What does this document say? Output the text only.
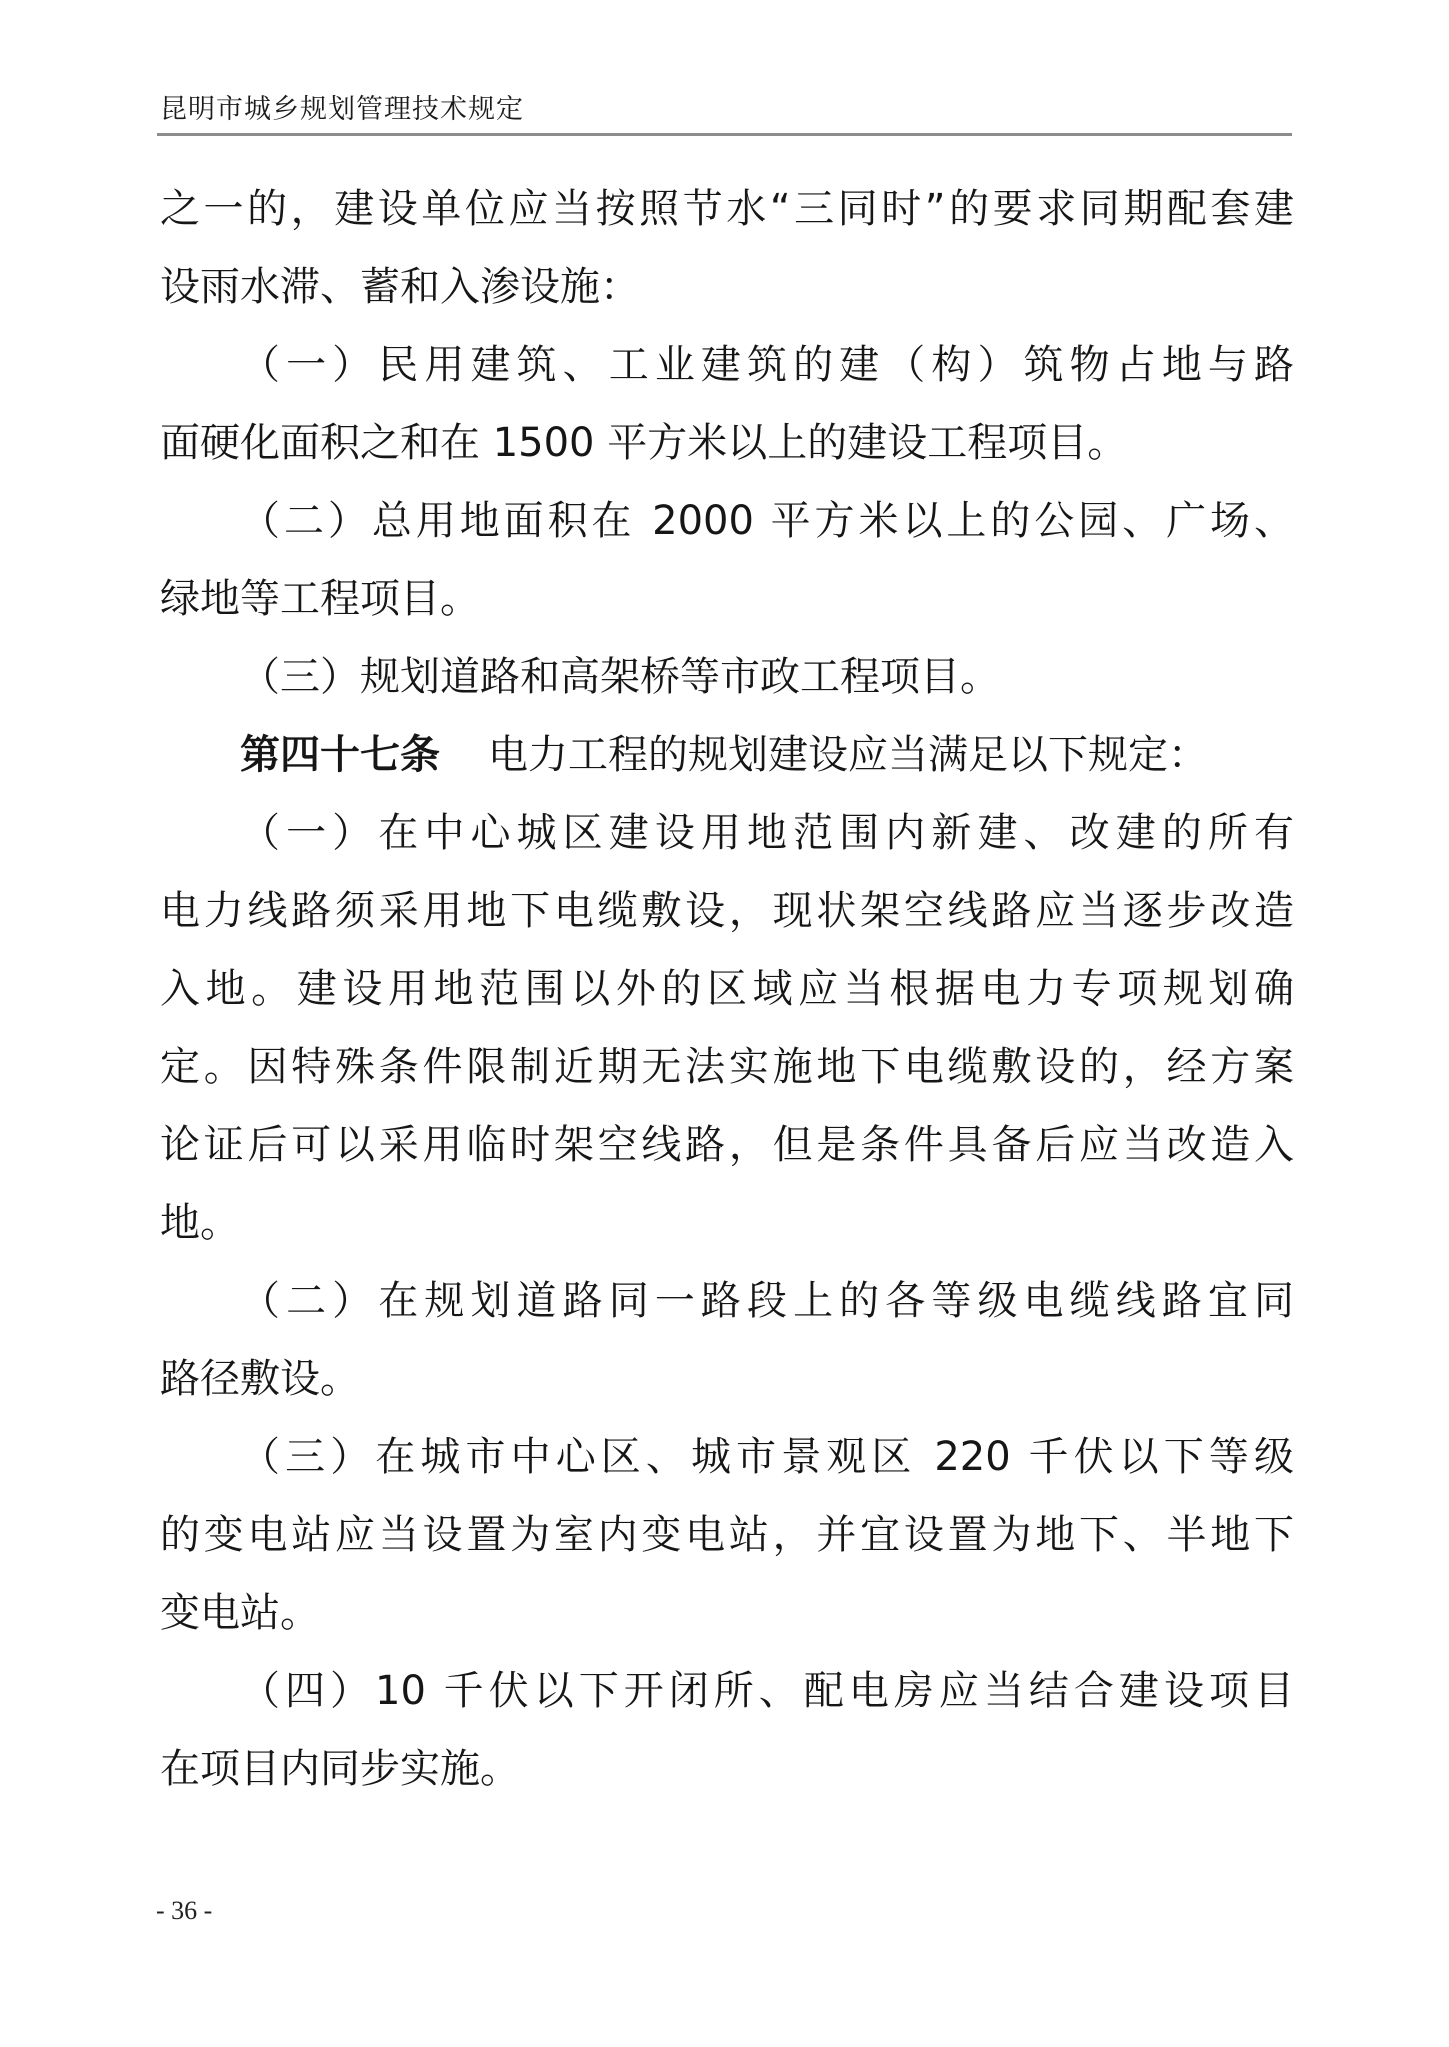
昆明市城乡规划管理技术规定

之一的，建设单位应当按照节水“三同时”的要求同期配套建
设雨水滞、蓄和入渗设施：

（一）民用建筑、工业建筑的建（构）筑物占地与路
面硬化面积之和在 1500 平方米以上的建设工程项目。

（二）总用地面积在 2000 平方米以上的公园、广场、
绿地等工程项目。

（三）规划道路和高架桥等市政工程项目。

第四十七条 电力工程的规划建设应当满足以下规定：

（一）在中心城区建设用地范围内新建、改建的所有
电力线路须采用地下电缆敷设，现状架空线路应当逐步改造
入地。建设用地范围以外的区域应当根据电力专项规划确
定。因特殊条件限制近期无法实施地下电缆敷设的，经方案
论证后可以采用临时架空线路，但是条件具备后应当改造入
地。

（二）在规划道路同一路段上的各等级电缆线路宜同
路径敷设。

（三）在城市中心区、城市景观区 220 千伏以下等级
的变电站应当设置为室内变电站，并宜设置为地下、半地下
变电站。

（四）10 千伏以下开闭所、配电房应当结合建设项目
在项目内同步实施。

- 36 -
